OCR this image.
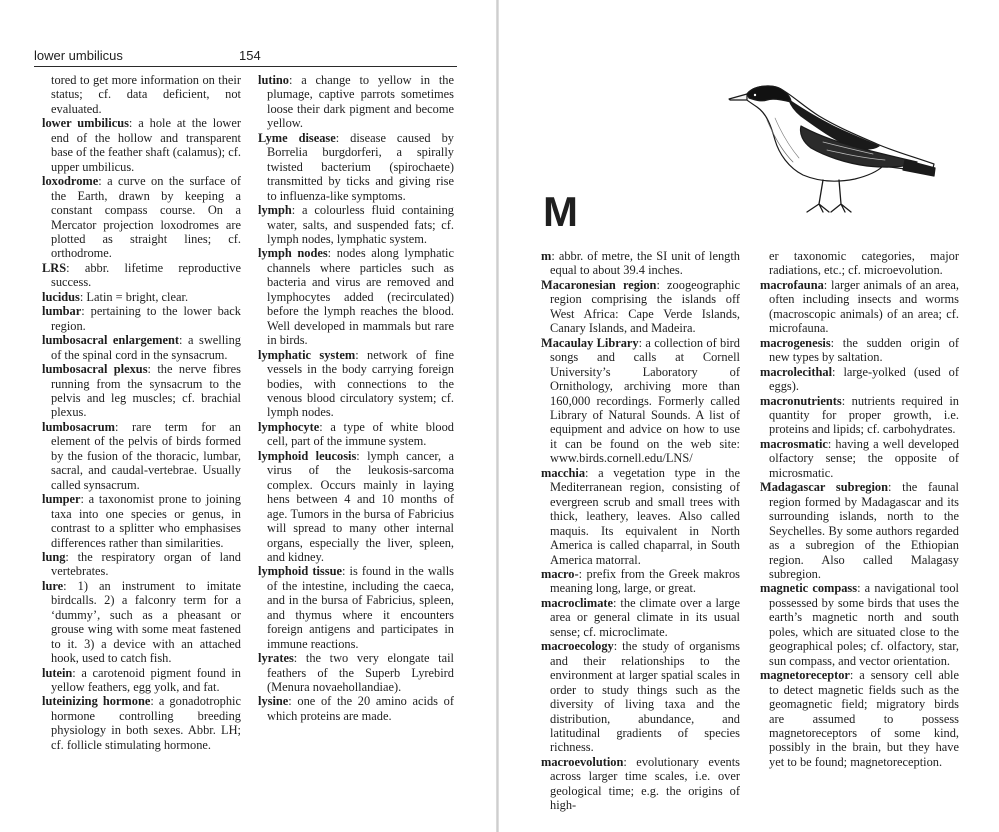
lower umbilicus	154

tored to get more information on their status; cf. data deficient, not evaluated.

lower umbilicus: a hole at the lower end of the hollow and transparent base of the feather shaft (calamus); cf. upper umbilicus.

loxodrome: a curve on the surface of the Earth, drawn by keeping a constant compass course. On a Mercator projection loxodromes are plotted as straight lines; cf. orthodrome.

LRS: abbr. lifetime reproductive success.

lucidus: Latin = bright, clear.

lumbar: pertaining to the lower back region.

lumbosacral enlargement: a swelling of the spinal cord in the synsacrum.

lumbosacral plexus: the nerve fibres running from the synsacrum to the pelvis and leg muscles; cf. brachial plexus.

lumbosacrum: rare term for an element of the pelvis of birds formed by the fusion of the thoracic, lumbar, sacral, and caudal-vertebrae. Usually called synsacrum.

lumper: a taxonomist prone to joining taxa into one species or genus, in contrast to a splitter who emphasises differences rather than similarities.

lung: the respiratory organ of land vertebrates.

lure: 1) an instrument to imitate birdcalls. 2) a falconry term for a ‘dummy’, such as a pheasant or grouse wing with some meat fastened to it. 3) a device with an attached hook, used to catch fish.

lutein: a carotenoid pigment found in yellow feathers, egg yolk, and fat.

luteinizing hormone: a gonadotrophic hormone controlling breeding physiology in both sexes. Abbr. LH; cf. follicle stimulating hormone.

lutino: a change to yellow in the plumage, captive parrots sometimes loose their dark pigment and become yellow.

Lyme disease: disease caused by Borrelia burgdorferi, a spirally twisted bacterium (spirochaete) transmitted by ticks and giving rise to influenza-like symptoms.

lymph: a colourless fluid containing water, salts, and suspended fats; cf. lymph nodes, lymphatic system.

lymph nodes: nodes along lymphatic channels where particles such as bacteria and virus are removed and lymphocytes added (recirculated) before the lymph reaches the blood. Well developed in mammals but rare in birds.

lymphatic system: network of fine vessels in the body carrying foreign bodies, with connections to the venous blood circulatory system; cf. lymph nodes.

lymphocyte: a type of white blood cell, part of the immune system.

lymphoid leucosis: lymph cancer, a virus of the leukosis-sarcoma complex. Occurs mainly in laying hens between 4 and 10 months of age. Tumors in the bursa of Fabricius will spread to many other internal organs, especially the liver, spleen, and kidney.

lymphoid tissue: is found in the walls of the intestine, including the caeca, and in the bursa of Fabricius, spleen, and thymus where it encounters foreign antigens and participates in immune reactions.

lyrates: the two very elongate tail feathers of the Superb Lyrebird (Menura novaehollandiae).

lysine: one of the 20 amino acids of which proteins are made.

M

m: abbr. of metre, the SI unit of length equal to about 39.4 inches.

Macaronesian region: zoogeographic region comprising the islands off West Africa: Cape Verde Islands, Canary Islands, and Madeira.

Macaulay Library: a collection of bird songs and calls at Cornell University’s Laboratory of Ornithology, archiving more than 160,000 recordings. Formerly called Library of Natural Sounds. A list of equipment and advice on how to use it can be found on the web site: www.birds.cornell.edu/LNS/

macchia: a vegetation type in the Mediterranean region, consisting of evergreen scrub and small trees with thick, leathery, leaves. Also called maquis. Its equivalent in North America is called chaparral, in South America matorral.

macro-: prefix from the Greek makros meaning long, large, or great.

macroclimate: the climate over a large area or general climate in its usual sense; cf. microclimate.

macroecology: the study of organisms and their relationships to the environment at larger spatial scales in order to study things such as the diversity of living taxa and the distribution, abundance, and latitudinal gradients of species richness.

macroevolution: evolutionary events across larger time scales, i.e. over geological time; e.g. the origins of high-

er taxonomic categories, major radiations, etc.; cf. microevolution.

macrofauna: larger animals of an area, often including insects and worms (macroscopic animals) of an area; cf. microfauna.

macrogenesis: the sudden origin of new types by saltation.

macrolecithal: large-yolked (used of eggs).

macronutrients: nutrients required in quantity for proper growth, i.e. proteins and lipids; cf. carbohydrates.

macrosmatic: having a well developed olfactory sense; the opposite of microsmatic.

Madagascar subregion: the faunal region formed by Madagascar and its surrounding islands, north to the Seychelles. By some authors regarded as a subregion of the Ethiopian region. Also called Malagasy subregion.

magnetic compass: a navigational tool possessed by some birds that uses the earth’s magnetic north and south poles, which are situated close to the geographical poles; cf. olfactory, star, sun compass, and vector orientation.

magnetoreceptor: a sensory cell able to detect magnetic fields such as the geomagnetic field; migratory birds are assumed to possess magnetoreceptors of some kind, possibly in the brain, but they have yet to be found; magnetoreception.
